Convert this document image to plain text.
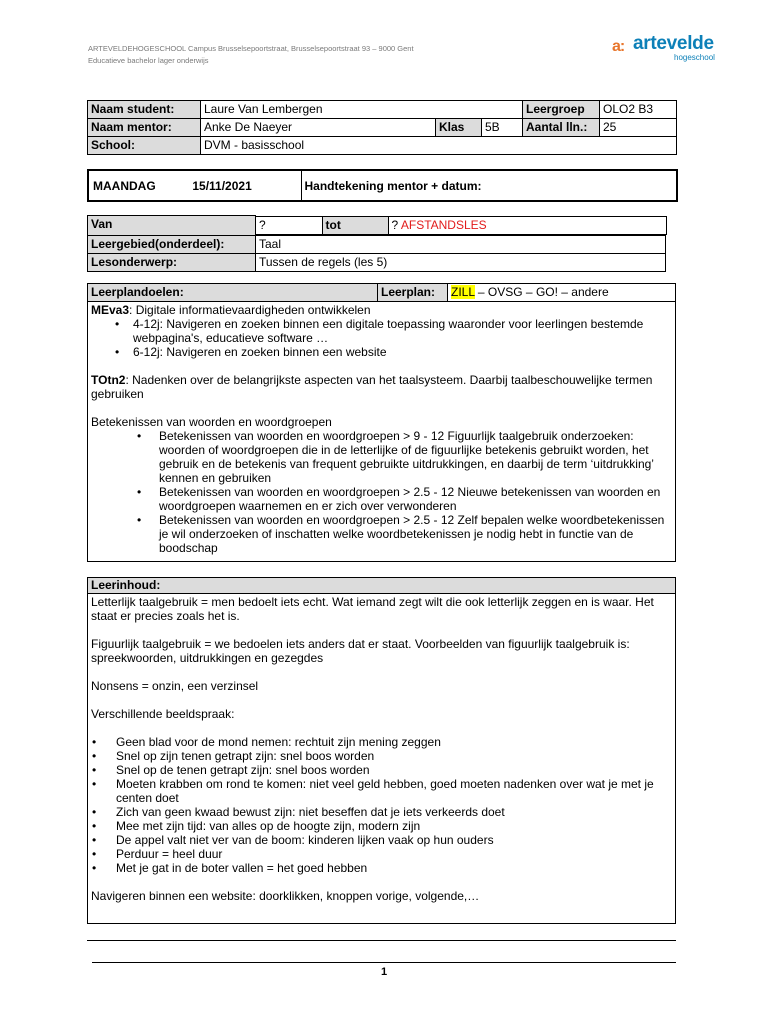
ARTEVELDEHOGESCHOOL Campus Brusselsepoortstraat, Brusselsepoortstraat 93 – 9000 Gent
Educatieve bachelor lager onderwijs
a: artevelde
hogeschool
Naam student:	Laure Van Lembergen			Leergroep	OLO2 B3
Naam mentor:	Anke De Naeyer	Klas	5B	Aantal lln.:	25
School:	DVM - basisschool				
MAANDAG	15/11/2021	Handtekening mentor + datum:
Van		?	tot	? AFSTANDSLES

Leergebied(onderdeel):	Taal
Lesonderwerp:	Tussen de regels (les 5)
Leerplandoelen:	Leerplan:	ZILL – OVSG – GO! – andere
MEva3: Digitale informatievaardigheden ontwikkelen
• 4-12j: Navigeren en zoeken binnen een digitale toepassing waaronder voor leerlingen bestemde webpagina's, educatieve software …
• 6-12j: Navigeren en zoeken binnen een website
TOtn2: Nadenken over de belangrijkste aspecten van het taalsysteem. Daarbij taalbeschouwelijke termen gebruiken
Betekenissen van woorden en woordgroepen
• Betekenissen van woorden en woordgroepen > 9 - 12 Figuurlijk taalgebruik onderzoeken: woorden of woordgroepen die in de letterlijke of de figuurlijke betekenis gebruikt worden, het gebruik en de betekenis van frequent gebruikte uitdrukkingen, en daarbij de term ‘uitdrukking’ kennen en gebruiken
• Betekenissen van woorden en woordgroepen > 2.5 - 12 Nieuwe betekenissen van woorden en woordgroepen waarnemen en er zich over verwonderen
• Betekenissen van woorden en woordgroepen > 2.5 - 12 Zelf bepalen welke woordbetekenissen je wil onderzoeken of inschatten welke woordbetekenissen je nodig hebt in functie van de boodschap
Leerinhoud:
Letterlijk taalgebruik = men bedoelt iets echt. Wat iemand zegt wilt die ook letterlijk zeggen en is waar. Het staat er precies zoals het is.
Figuurlijk taalgebruik = we bedoelen iets anders dat er staat. Voorbeelden van figuurlijk taalgebruik is: spreekwoorden, uitdrukkingen en gezegdes
Nonsens = onzin, een verzinsel
Verschillende beeldspraak:
• Geen blad voor de mond nemen: rechtuit zijn mening zeggen
• Snel op zijn tenen getrapt zijn: snel boos worden
• Snel op de tenen getrapt zijn: snel boos worden
• Moeten krabben om rond te komen: niet veel geld hebben, goed moeten nadenken over wat je met je centen doet
• Zich van geen kwaad bewust zijn: niet beseffen dat je iets verkeerds doet
• Mee met zijn tijd: van alles op de hoogte zijn, modern zijn
• De appel valt niet ver van de boom: kinderen lijken vaak op hun ouders
• Perduur = heel duur
• Met je gat in de boter vallen = het goed hebben
Navigeren binnen een website: doorklikken, knoppen vorige, volgende,…
1
